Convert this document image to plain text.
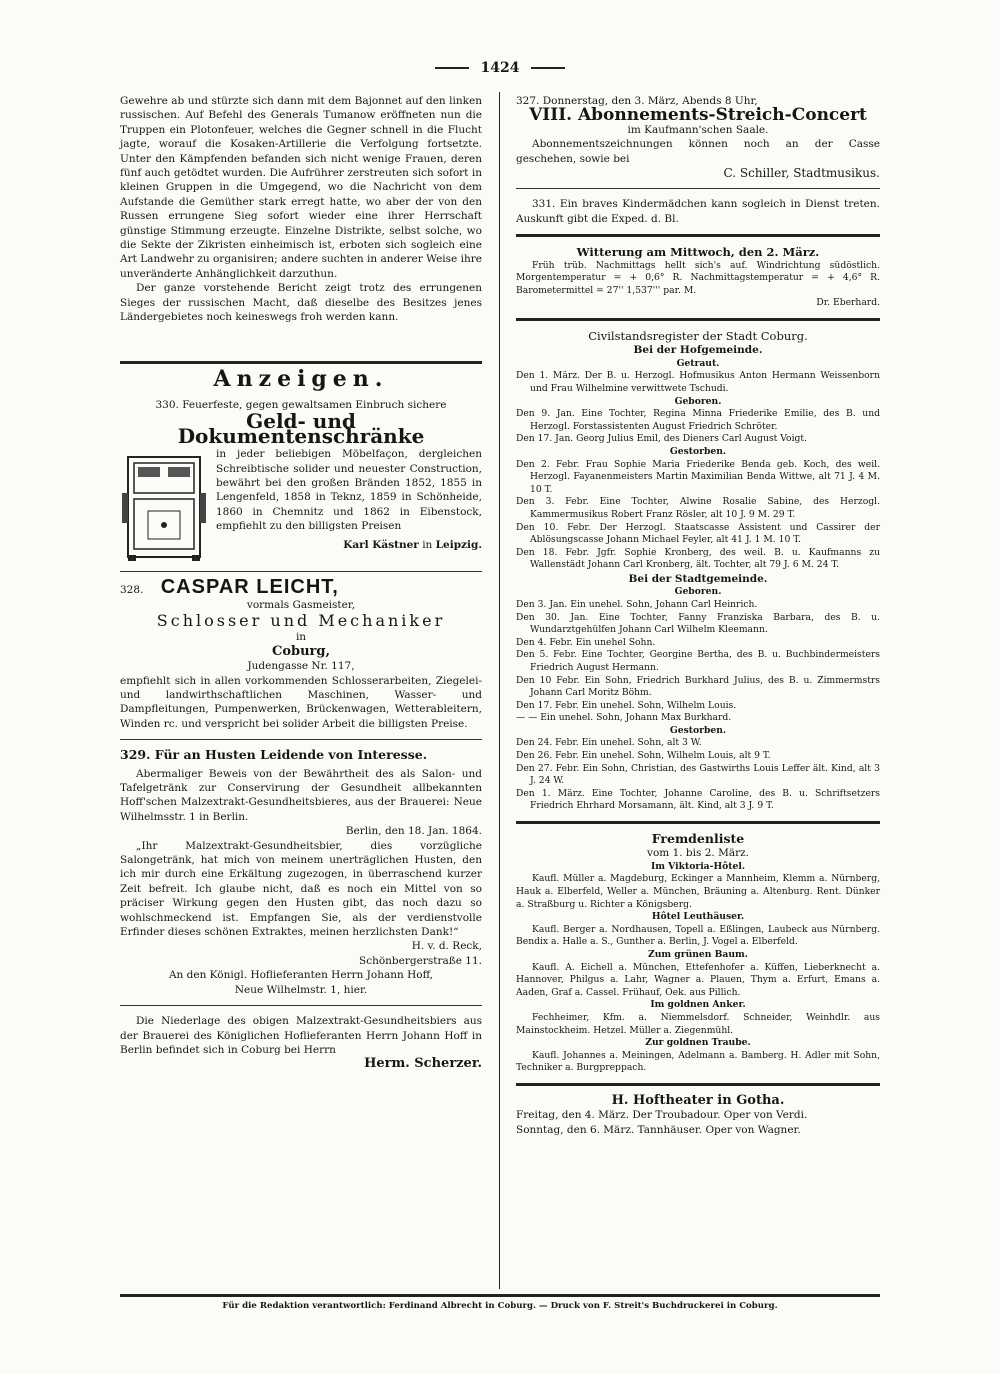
1424

Gewehre ab und stürzte sich dann mit dem Bajonnet auf den linken russischen. Auf Befehl des Generals Tumanow eröffneten nun die Truppen ein Plotonfeuer, welches die Gegner schnell in die Flucht jagte, worauf die Kosaken-Artillerie die Verfolgung fortsetzte. Unter den Kämpfenden befanden sich nicht wenige Frauen, deren fünf auch getödtet wurden. Die Aufrührer zerstreuten sich sofort in kleinen Gruppen in die Umgegend, wo die Nachricht von dem Aufstande die Gemüther stark erregt hatte, wo aber der von den Russen errungene Sieg sofort wieder eine ihrer Herrschaft günstige Stimmung erzeugte. Einzelne Distrikte, selbst solche, wo die Sekte der Zikristen einheimisch ist, erboten sich sogleich eine Art Landwehr zu organisiren; andere suchten in anderer Weise ihre unveränderte Anhänglichkeit darzuthun.

Der ganze vorstehende Bericht zeigt trotz des errungenen Sieges der russischen Macht, daß dieselbe des Besitzes jenes Ländergebietes noch keineswegs froh werden kann.

Anzeigen.

330. Feuerfeste, gegen gewaltsamen Einbruch sichere

Geld- und Dokumentenschränke

in jeder beliebigen Möbelfaçon, dergleichen Schreibtische solider und neuester Construction, bewährt bei den großen Bränden 1852, 1855 in Lengenfeld, 1858 in Teknz, 1859 in Schönheide, 1860 in Chemnitz und 1862 in Eibenstock, empfiehlt zu den billigsten Preisen

Karl Kästner in Leipzig.

328. CASPAR LEICHT,

vormals Gasmeister,

Schlosser und Mechaniker

in

Coburg,

Judengasse Nr. 117,

empfiehlt sich in allen vorkommenden Schlosserarbeiten, Ziegelei- und landwirthschaftlichen Maschinen, Wasser- und Dampfleitungen, Pumpenwerken, Brückenwagen, Wetterableitern, Winden rc. und verspricht bei solider Arbeit die billigsten Preise.

329. Für an Husten Leidende von Interesse.

Abermaliger Beweis von der Bewährtheit des als Salon- und Tafelgetränk zur Conservirung der Gesundheit allbekannten Hoff'schen Malzextrakt-Gesundheitsbieres, aus der Brauerei: Neue Wilhelmsstr. 1 in Berlin.

Berlin, den 18. Jan. 1864.

„Ihr Malzextrakt-Gesundheitsbier, dies vorzügliche Salongetränk, hat mich von meinem unerträglichen Husten, den ich mir durch eine Erkältung zugezogen, in überraschend kurzer Zeit befreit. Ich glaube nicht, daß es noch ein Mittel von so präciser Wirkung gegen den Husten gibt, das noch dazu so wohlschmeckend ist. Empfangen Sie, als der verdienstvolle Erfinder dieses schönen Extraktes, meinen herzlichsten Dank!“

H. v. d. Reck,

Schönbergerstraße 11.

An den Königl. Hoflieferanten Herrn Johann Hoff,

Neue Wilhelmstr. 1, hier.

Die Niederlage des obigen Malzextrakt-Gesundheitsbiers aus der Brauerei des Königlichen Hoflieferanten Herrn Johann Hoff in Berlin befindet sich in Coburg bei Herrn

Herm. Scherzer.

327. Donnerstag, den 3. März, Abends 8 Uhr,

VIII. Abonnements-Streich-Concert

im Kaufmann'schen Saale.

Abonnementszeichnungen können noch an der Casse geschehen, sowie bei

C. Schiller, Stadtmusikus.

331. Ein braves Kindermädchen kann sogleich in Dienst treten. Auskunft gibt die Exped. d. Bl.

Witterung am Mittwoch, den 2. März.

Früh trüb. Nachmittags hellt sich's auf. Windrichtung südöstlich. Morgentemperatur = + 0,6° R. Nachmittagstemperatur = + 4,6° R. Barometermittel = 27'' 1,537''' par. M.

Dr. Eberhard.

Civilstandsregister der Stadt Coburg.

Bei der Hofgemeinde.

Getraut.

Den 1. März. Der B. u. Herzogl. Hofmusikus Anton Hermann Weissenborn und Frau Wilhelmine verwittwete Tschudi.

Geboren.

Den 9. Jan. Eine Tochter, Regina Minna Friederike Emilie, des B. und Herzogl. Forstassistenten August Friedrich Schröter.

Den 17. Jan. Georg Julius Emil, des Dieners Carl August Voigt.

Gestorben.

Den 2. Febr. Frau Sophie Maria Friederike Benda geb. Koch, des weil. Herzogl. Fayanenmeisters Martin Maximilian Benda Wittwe, alt 71 J. 4 M. 10 T.

Den 3. Febr. Eine Tochter, Alwine Rosalie Sabine, des Herzogl. Kammermusikus Robert Franz Rösler, alt 10 J. 9 M. 29 T.

Den 10. Febr. Der Herzogl. Staatscasse Assistent und Cassirer der Ablösungscasse Johann Michael Feyler, alt 41 J. 1 M. 10 T.

Den 18. Febr. Jgfr. Sophie Kronberg, des weil. B. u. Kaufmanns zu Wallenstädt Johann Carl Kronberg, ält. Tochter, alt 79 J. 6 M. 24 T.

Bei der Stadtgemeinde.

Geboren.

Den 3. Jan. Ein unehel. Sohn, Johann Carl Heinrich.

Den 30. Jan. Eine Tochter, Fanny Franziska Barbara, des B. u. Wundarztgehülfen Johann Carl Wilhelm Kleemann.

Den 4. Febr. Ein unehel Sohn.

Den 5. Febr. Eine Tochter, Georgine Bertha, des B. u. Buchbindermeisters Friedrich August Hermann.

Den 10 Febr. Ein Sohn, Friedrich Burkhard Julius, des B. u. Zimmermstrs Johann Carl Moritz Böhm.

Den 17. Febr. Ein unehel. Sohn, Wilhelm Louis.

— — Ein unehel. Sohn, Johann Max Burkhard.

Gestorben.

Den 24. Febr. Ein unehel. Sohn, alt 3 W.

Den 26. Febr. Ein unehel. Sohn, Wilhelm Louis, alt 9 T.

Den 27. Febr. Ein Sohn, Christian, des Gastwirths Louis Leffer ält. Kind, alt 3 J. 24 W.

Den 1. März. Eine Tochter, Johanne Caroline, des B. u. Schriftsetzers Friedrich Ehrhard Morsamann, ält. Kind, alt 3 J. 9 T.

Fremdenliste

vom 1. bis 2. März.

Im Viktoria-Hôtel.

Kaufl. Müller a. Magdeburg, Eckinger a Mannheim, Klemm a. Nürnberg, Hauk a. Elberfeld, Weller a. München, Bräuning a. Altenburg. Rent. Dünker a. Straßburg u. Richter a Königsberg.

Hôtel Leuthäuser.

Kaufl. Berger a. Nordhausen, Topell a. Eßlingen, Laubeck aus Nürnberg. Bendix a. Halle a. S., Gunther a. Berlin, J. Vogel a. Elberfeld.

Zum grünen Baum.

Kaufl. A. Eichell a. München, Ettefenhofer a. Küffen, Lieberknecht a. Hannover, Philgus a. Lahr, Wagner a. Plauen, Thym a. Erfurt, Emans a. Aaden, Graf a. Cassel. Frühauf, Oek. aus Pillich.

Im goldnen Anker.

Fechheimer, Kfm. a. Niemmelsdorf. Schneider, Weinhdlr. aus Mainstockheim. Hetzel. Müller a. Ziegenmühl.

Zur goldnen Traube.

Kaufl. Johannes a. Meiningen, Adelmann a. Bamberg. H. Adler mit Sohn, Techniker a. Burgpreppach.

H. Hoftheater in Gotha.

Freitag, den 4. März. Der Troubadour. Oper von Verdi.

Sonntag, den 6. März. Tannhäuser. Oper von Wagner.

Für die Redaktion verantwortlich: Ferdinand Albrecht in Coburg. — Druck von F. Streit's Buchdruckerei in Coburg.
